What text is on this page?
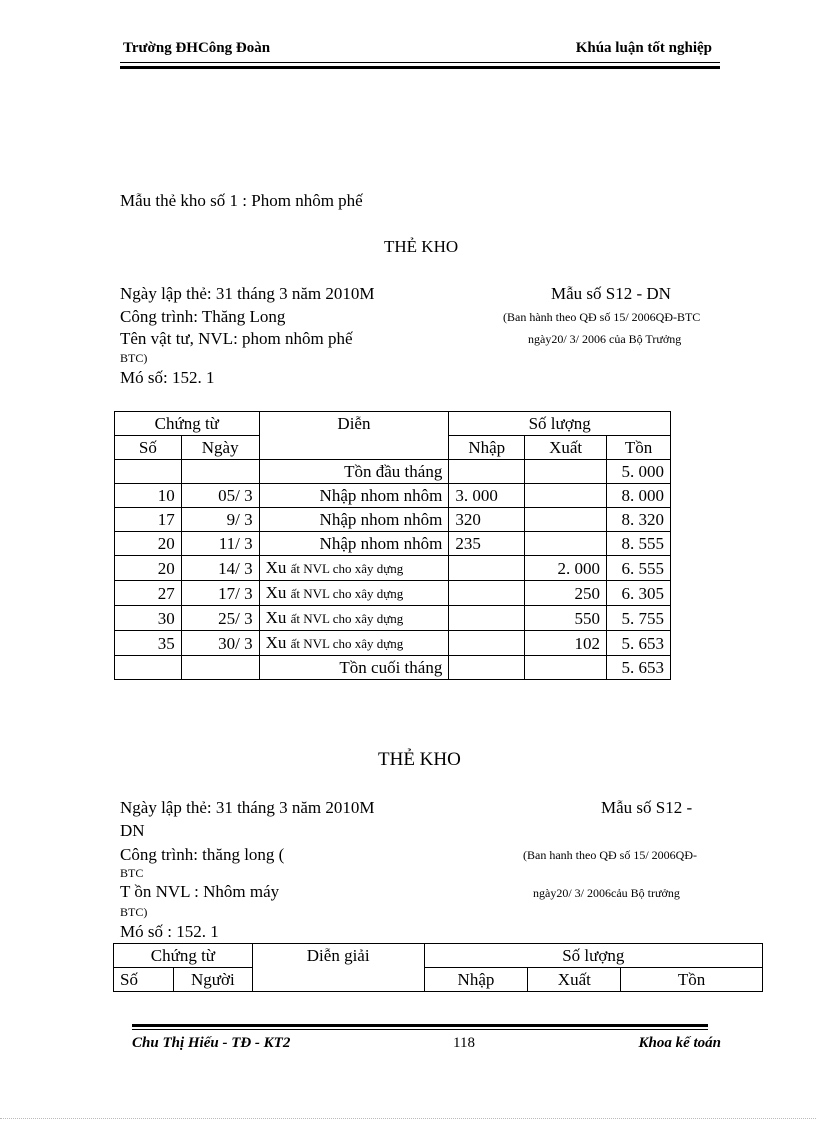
Trường ĐHCông Đoàn	Khúa luận tốt nghiệp
Mẫu thẻ kho số 1 : Phom nhôm phế
THẺ KHO
Ngày lập thẻ: 31 tháng 3 năm 2010M	Mẫu số S12 - DN
Công trình: Thăng Long	(Ban hành theo QĐ số 15/ 2006QĐ-BTC
Tên vật tư, NVL: phom nhôm phế	ngày20/ 3/ 2006 của Bộ Trưởng
BTC)
Mó số: 152. 1
Chứng từ		Diễn	Số lượng		
Số	Ngày		Nhập	Xuất	Tồn
		Tồn đầu tháng			5. 000
10	05/ 3	Nhập nhom nhôm	3. 000		8. 000
17	9/ 3	Nhập nhom nhôm	320		8. 320
20	11/ 3	Nhập nhom nhôm	235		8. 555
20	14/ 3	Xu ất NVL cho xây dựng		2. 000	6. 555
27	17/ 3	Xu ất NVL cho xây dựng		250	6. 305
30	25/ 3	Xu ất NVL cho xây dựng		550	5. 755
35	30/ 3	Xu ất NVL cho xây dựng		102	5. 653
		Tồn cuối tháng			5. 653
THẺ KHO
Ngày lập thẻ: 31 tháng 3 năm 2010M	Mẫu số S12 -
DN
Công trình: thăng long (	(Ban hanh theo QĐ số 15/ 2006QĐ-
BTC
T ồn NVL : Nhôm máy	ngày20/ 3/ 2006cảu Bộ trưởng
BTC)
Mó số : 152. 1
Chứng từ		Diễn giải	Số lượng		
Số	Người		Nhập	Xuất	Tồn
Chu Thị Hiếu - TĐ - KT2	118	Khoa kế toán
